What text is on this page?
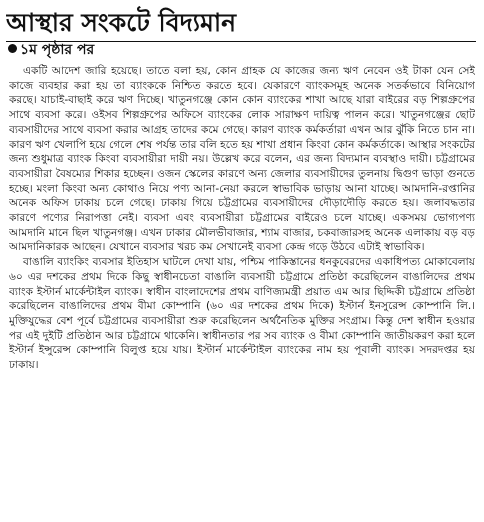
আস্থার সংকটে বিদ্যমান
১ম পৃষ্ঠার পর

একটি আদেশ জারি হয়েছে। তাতে বলা হয়, কোন গ্রাহক যে কাজের জন্য ঋণ নেবেন ওই টাকা যেন সেই কাজে ব্যবহার করা হয় তা ব্যাংককে নিশ্চিত করতে হবে। যেকারণে ব্যাংকসমূহ অনেক সতর্কভাবে বিনিয়োগ করছে। যাচাই-বাছাই করে ঋণ দিচ্ছে। খাতুনগঞ্জে কোন কোন ব্যাংকের শাখা আছে যারা বাইরের বড় শিল্পগ্রুপের সাথে ব্যবসা করে। ওইসব শিল্পগ্রুপের অফিসে ব্যাংকের লোক সারাক্ষণ দায়িত্ব পালন করে। খাতুনগঞ্জের ছোট ব্যবসায়ীদের সাথে ব্যবসা করার আগ্রহ তাদের কমে গেছে। কারণ ব্যাংক কর্মকর্তারা এখন আর ঝুঁকি নিতে চান না। কারণ ঋণ খেলাপি হয়ে গেলে শেষ পর্যন্ত তার বলি হতে হয় শাখা প্রধান কিংবা কোন কর্মকর্তাকে। আস্থার সংকটের জন্য শুধুমাত্র ব্যাংক কিংবা ব্যবসায়ীরা দায়ী নয়। উল্লেখ করে বলেন, এর জন্য বিদ্যমান ব্যবস্থাও দায়ী। চট্টগ্রামের ব্যবসায়ীরা বৈষম্যের শিকার হচ্ছেন। ওজন স্কেলের কারণে অন্য জেলার ব্যবসায়ীদের তুলনায় দ্বিগুণ ভাড়া গুনতে হচ্ছে। মংলা কিংবা অন্য কোথাও নিয়ে পণ্য আনা-নেয়া করলে স্বাভাবিক ভাড়ায় আনা যাচ্ছে। আমদানি-রপ্তানির অনেক অফিস ঢাকায় চলে গেছে। ঢাকায় গিয়ে চট্টগ্রামের ব্যবসায়ীদের দৌড়াদৌড়ি করতে হয়। জলাবদ্ধতার কারণে পণ্যের নিরাপত্তা নেই। ব্যবসা এবং ব্যবসায়ীরা চট্টগ্রামের বাইরেও চলে যাচ্ছে। একসময় ভোগ্যপণ্য আমদানি মানে ছিল খাতুনগঞ্জ। এখন ঢাকার মৌলভীবাজার, শ্যাম বাজার, চকবাজারসহ অনেক এলাকায় বড় বড় আমদানিকারক আছেন। যেখানে ব্যবসার খরচ কম সেখানেই ব্যবসা কেন্দ্র গড়ে উঠবে এটাই স্বাভাবিক।

বাঙালি ব্যাংকিং ব্যবসার ইতিহাস ঘাটলে দেখা যায়, পশ্চিম পাকিস্তানের ধনকুবেরদের একাধিপত্য মোকাবেলায় ৬০ এর দশকের প্রথম দিকে কিছু স্বাধীনচেতা বাঙালি ব্যবসায়ী চট্টগ্রামে প্রতিষ্ঠা করেছিলেন বাঙালিদের প্রথম ব্যাংক ইস্টার্ন মার্কেন্টাইল ব্যাংক। স্বাধীন বাংলাদেশের প্রথম বাণিজ্যমন্ত্রী প্রয়াত এম আর ছিদ্দিকী চট্টগ্রামে প্রতিষ্ঠা করেছিলেন বাঙালিদের প্রথম বীমা কোম্পানি (৬০ এর দশকের প্রথম দিকে) ইস্টার্ন ইনসুরেন্স কোম্পানি লি.। মুক্তিযুদ্ধের বেশ পূর্বে চট্টগ্রামের ব্যবসায়ীরা শুরু করেছিলেন অর্থনৈতিক মুক্তির সংগ্রাম। কিন্তু দেশ স্বাধীন হওয়ার পর এই দুইটি প্রতিষ্ঠান আর চট্টগ্রামে থাকেনি। স্বাধীনতার পর সব ব্যাংক ও বীমা কোম্পানি জাতীয়করণ করা হলে ইস্টার্ন ইন্সুরেন্স কোম্পানি বিলুপ্ত হয়ে যায়। ইস্টার্ন মার্কেন্টাইল ব্যাংকের নাম হয় পূবালী ব্যাংক। সদরদপ্তর হয় ঢাকায়।
